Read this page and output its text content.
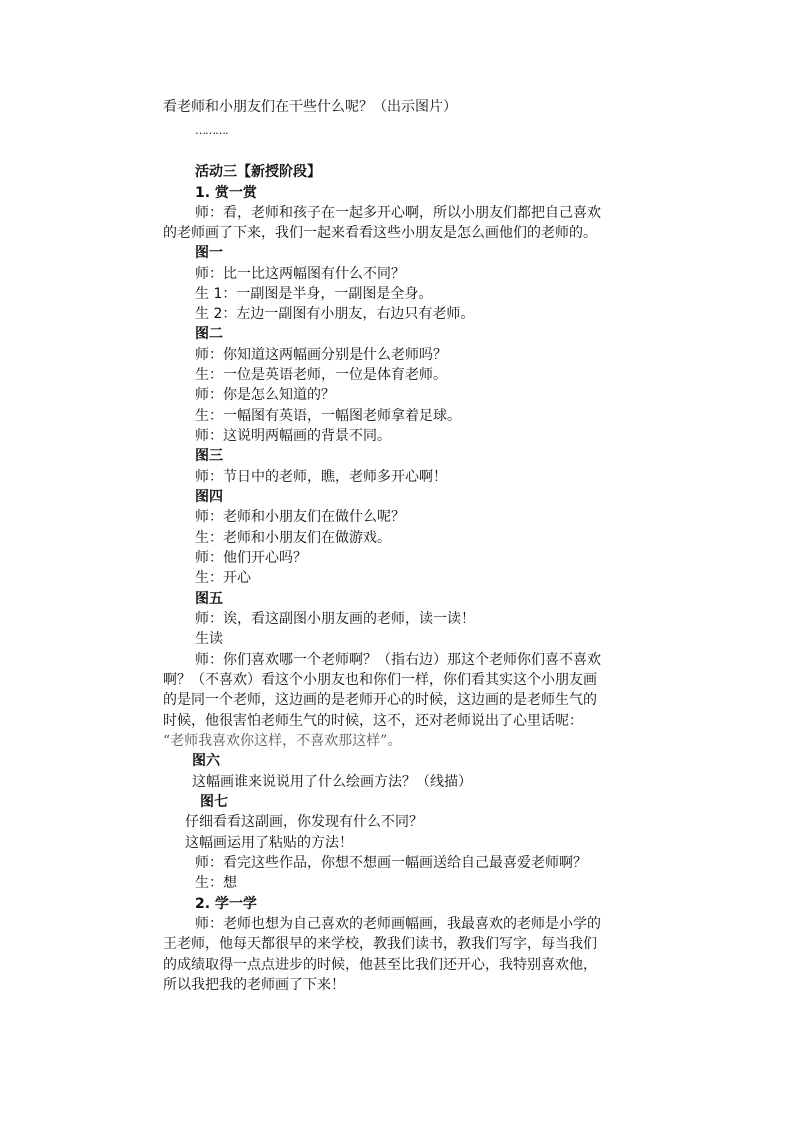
看老师和小朋友们在干些什么呢？（出示图片）
……….
活动三【新授阶段】
1. 赏一赏
师：看，老师和孩子在一起多开心啊，所以小朋友们都把自己喜欢
的老师画了下来，我们一起来看看这些小朋友是怎么画他们的老师的。
图一
师：比一比这两幅图有什么不同？
生 1：一副图是半身，一副图是全身。
生 2：左边一副图有小朋友，右边只有老师。
图二
师：你知道这两幅画分别是什么老师吗？
生：一位是英语老师，一位是体育老师。
师：你是怎么知道的？
生：一幅图有英语，一幅图老师拿着足球。
师：这说明两幅画的背景不同。
图三
师：节日中的老师，瞧，老师多开心啊！
图四
师：老师和小朋友们在做什么呢？
生：老师和小朋友们在做游戏。
师：他们开心吗？
生：开心
图五
师：诶，看这副图小朋友画的老师，读一读！
生读
师：你们喜欢哪一个老师啊？（指右边）那这个老师你们喜不喜欢
啊？（不喜欢）看这个小朋友也和你们一样，你们看其实这个小朋友画
的是同一个老师，这边画的是老师开心的时候，这边画的是老师生气的
时候，他很害怕老师生气的时候，这不，还对老师说出了心里话呢：
“老师我喜欢你这样，不喜欢那这样”。
图六
这幅画谁来说说用了什么绘画方法？（线描）
图七
仔细看看这副画，你发现有什么不同？
这幅画运用了粘贴的方法！
师：看完这些作品，你想不想画一幅画送给自己最喜爱老师啊？
生：想
2. 学一学
师：老师也想为自己喜欢的老师画幅画，我最喜欢的老师是小学的
王老师，他每天都很早的来学校，教我们读书，教我们写字，每当我们
的成绩取得一点点进步的时候，他甚至比我们还开心，我特别喜欢他，
所以我把我的老师画了下来！
